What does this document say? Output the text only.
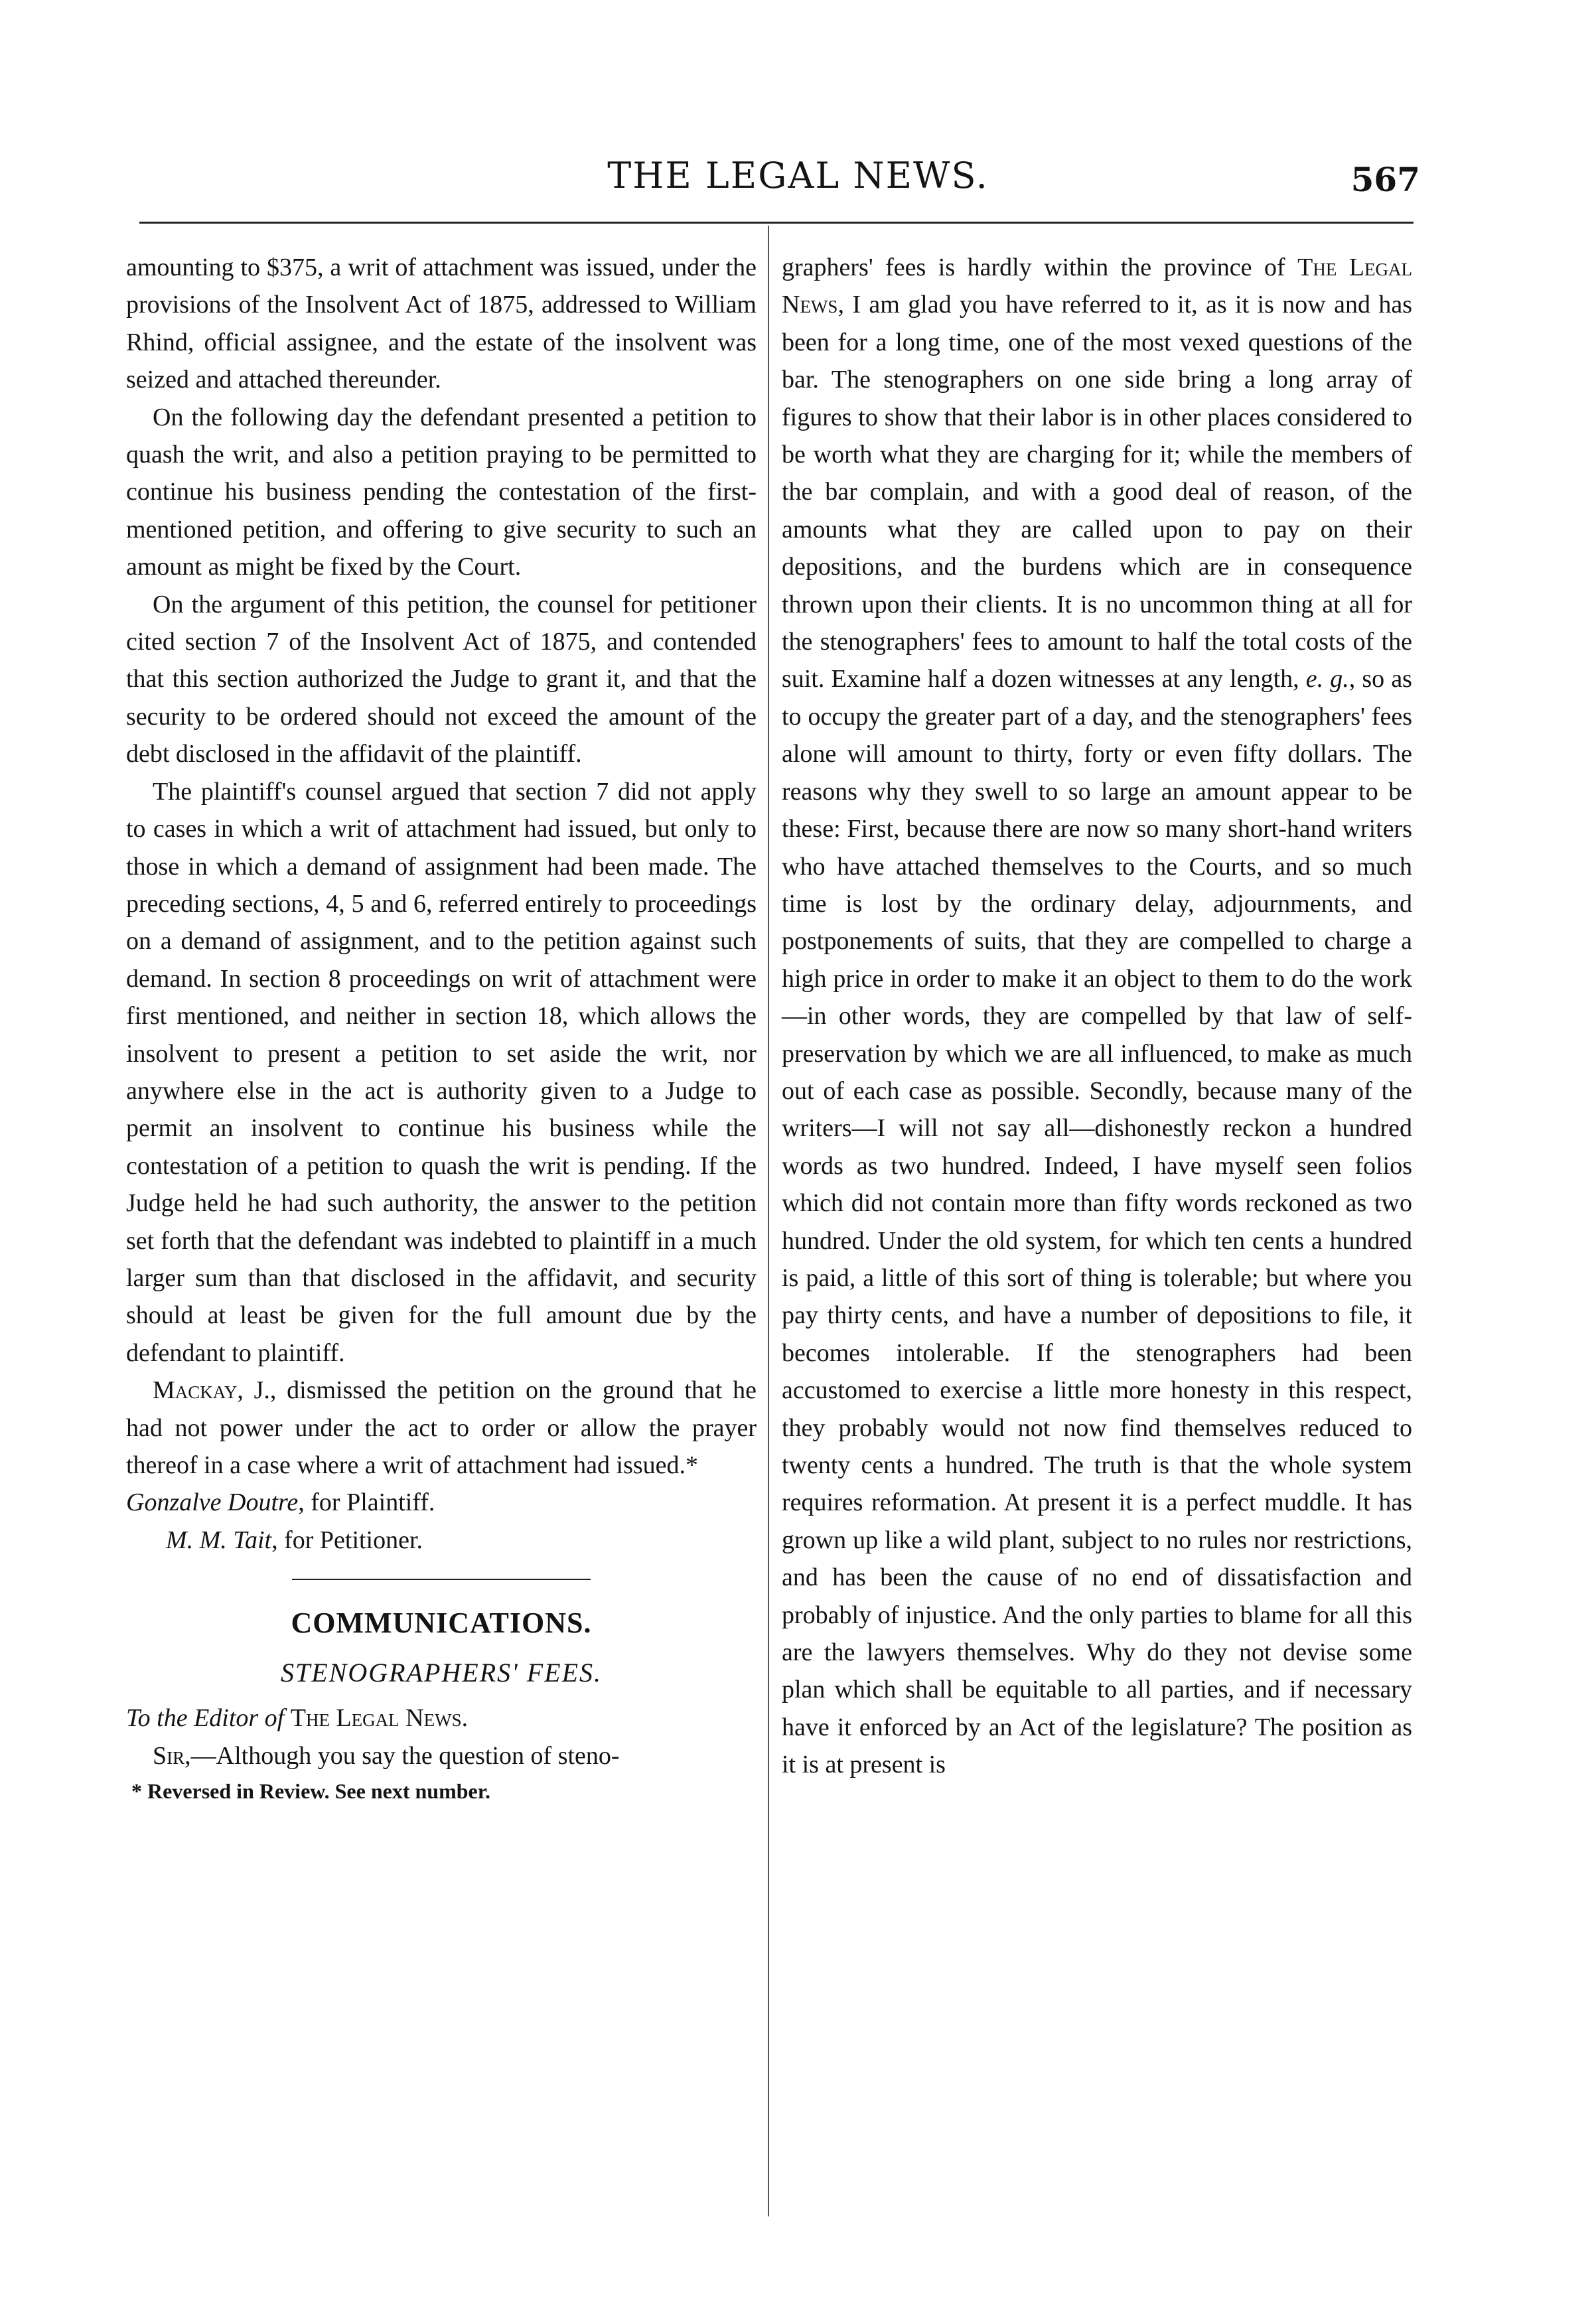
THE LEGAL NEWS.	567

amounting to $375, a writ of attachment was issued, under the provisions of the Insolvent Act of 1875, addressed to William Rhind, official assignee, and the estate of the insolvent was seized and attached thereunder.

On the following day the defendant presented a petition to quash the writ, and also a petition praying to be permitted to continue his business pending the contestation of the first-mentioned petition, and offering to give security to such an amount as might be fixed by the Court.

On the argument of this petition, the counsel for petitioner cited section 7 of the Insolvent Act of 1875, and contended that this section authorized the Judge to grant it, and that the security to be ordered should not exceed the amount of the debt disclosed in the affidavit of the plaintiff.

The plaintiff's counsel argued that section 7 did not apply to cases in which a writ of attachment had issued, but only to those in which a demand of assignment had been made. The preceding sections, 4, 5 and 6, referred entirely to proceedings on a demand of assignment, and to the petition against such demand. In section 8 proceedings on writ of attachment were first mentioned, and neither in section 18, which allows the insolvent to present a petition to set aside the writ, nor anywhere else in the act is authority given to a Judge to permit an insolvent to continue his business while the contestation of a petition to quash the writ is pending. If the Judge held he had such authority, the answer to the petition set forth that the defendant was indebted to plaintiff in a much larger sum than that disclosed in the affidavit, and security should at least be given for the full amount due by the defendant to plaintiff.

Mackay, J., dismissed the petition on the ground that he had not power under the act to order or allow the prayer thereof in a case where a writ of attachment had issued.*

Gonzalve Doutre, for Plaintiff.

M. M. Tait, for Petitioner.

COMMUNICATIONS.
STENOGRAPHERS' FEES.

To the Editor of The Legal News.

Sir,—Although you say the question of steno-

* Reversed in Review. See next number.

graphers' fees is hardly within the province of The Legal News, I am glad you have referred to it, as it is now and has been for a long time, one of the most vexed questions of the bar. The stenographers on one side bring a long array of figures to show that their labor is in other places considered to be worth what they are charging for it; while the members of the bar complain, and with a good deal of reason, of the amounts what they are called upon to pay on their depositions, and the burdens which are in consequence thrown upon their clients. It is no uncommon thing at all for the stenographers' fees to amount to half the total costs of the suit. Examine half a dozen witnesses at any length, e. g., so as to occupy the greater part of a day, and the stenographers' fees alone will amount to thirty, forty or even fifty dollars. The reasons why they swell to so large an amount appear to be these: First, because there are now so many short-hand writers who have attached themselves to the Courts, and so much time is lost by the ordinary delay, adjournments, and postponements of suits, that they are compelled to charge a high price in order to make it an object to them to do the work—in other words, they are compelled by that law of self-preservation by which we are all influenced, to make as much out of each case as possible. Secondly, because many of the writers—I will not say all—dishonestly reckon a hundred words as two hundred. Indeed, I have myself seen folios which did not contain more than fifty words reckoned as two hundred. Under the old system, for which ten cents a hundred is paid, a little of this sort of thing is tolerable; but where you pay thirty cents, and have a number of depositions to file, it becomes intolerable. If the stenographers had been accustomed to exercise a little more honesty in this respect, they probably would not now find themselves reduced to twenty cents a hundred. The truth is that the whole system requires reformation. At present it is a perfect muddle. It has grown up like a wild plant, subject to no rules nor restrictions, and has been the cause of no end of dissatisfaction and probably of injustice. And the only parties to blame for all this are the lawyers themselves. Why do they not devise some plan which shall be equitable to all parties, and if necessary have it enforced by an Act of the legislature? The position as it is at present is
